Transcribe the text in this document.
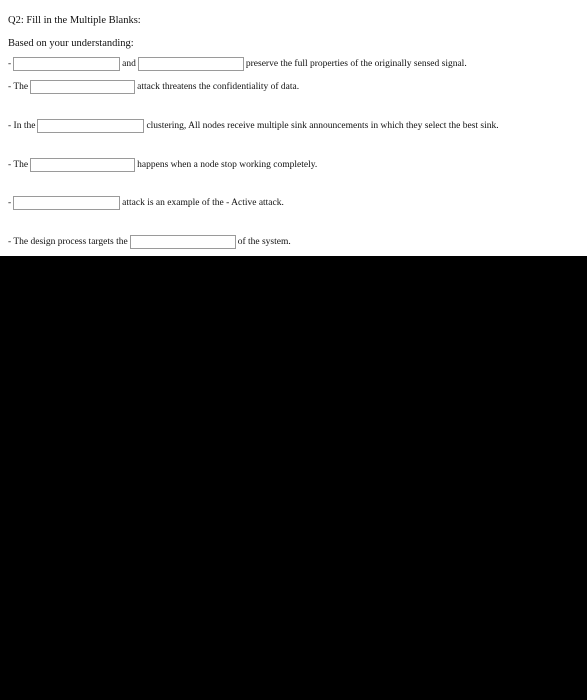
Q2: Fill in the Multiple Blanks:
Based on your understanding:
-	and	preserve the full properties of the originally sensed signal.
- The	attack threatens the confidentiality of data.
- In the	clustering, All nodes receive multiple sink announcements in which they select the best sink.
- The	happens when a node stop working completely.
-	attack is an example of the - Active attack.
- The design process targets the	of the system.
